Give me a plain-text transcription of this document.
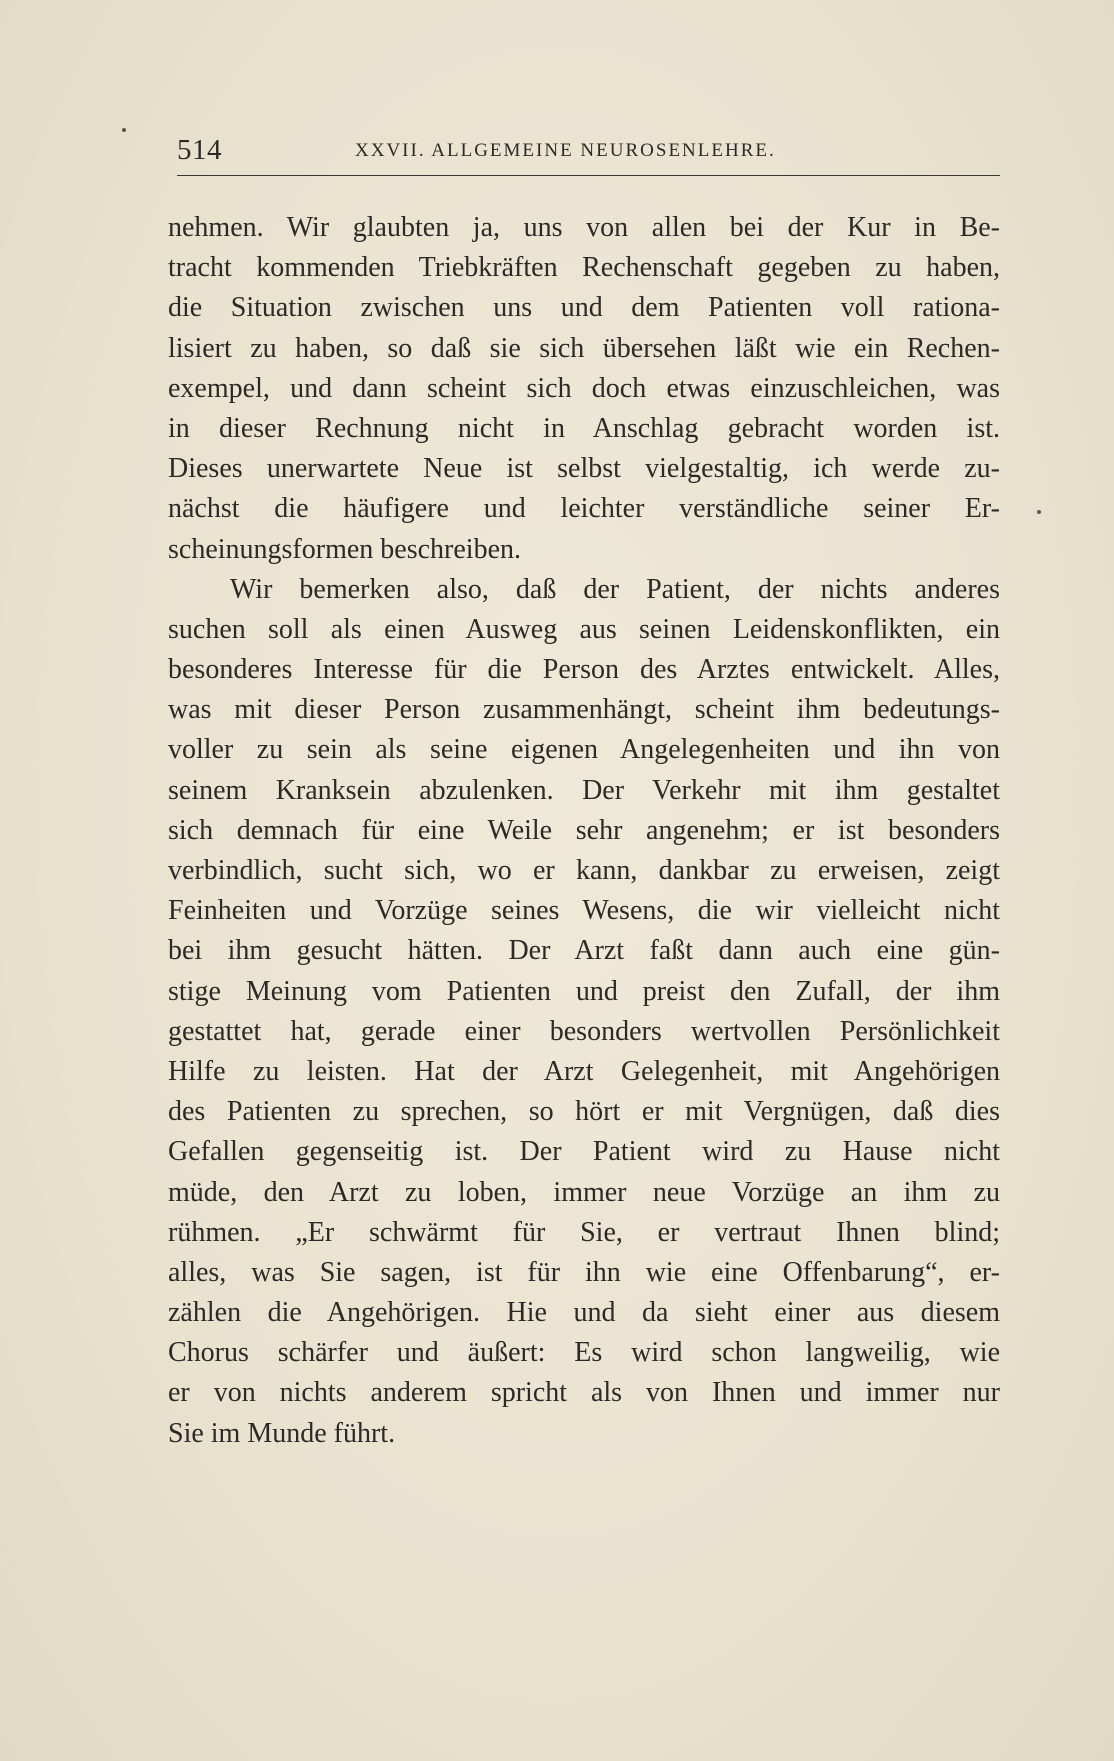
514	XXVII. ALLGEMEINE NEUROSENLEHRE.
nehmen. Wir glaubten ja, uns von allen bei der Kur in Be-
tracht kommenden Triebkräften Rechenschaft gegeben zu haben,
die Situation zwischen uns und dem Patienten voll rationa-
lisiert zu haben, so daß sie sich übersehen läßt wie ein Rechen-
exempel, und dann scheint sich doch etwas einzuschleichen, was
in dieser Rechnung nicht in Anschlag gebracht worden ist.
Dieses unerwartete Neue ist selbst vielgestaltig, ich werde zu-
nächst die häufigere und leichter verständliche seiner Er-
scheinungsformen beschreiben.
Wir bemerken also, daß der Patient, der nichts anderes
suchen soll als einen Ausweg aus seinen Leidenskonflikten, ein
besonderes Interesse für die Person des Arztes entwickelt. Alles,
was mit dieser Person zusammenhängt, scheint ihm bedeutungs-
voller zu sein als seine eigenen Angelegenheiten und ihn von
seinem Kranksein abzulenken. Der Verkehr mit ihm gestaltet
sich demnach für eine Weile sehr angenehm; er ist besonders
verbindlich, sucht sich, wo er kann, dankbar zu erweisen, zeigt
Feinheiten und Vorzüge seines Wesens, die wir vielleicht nicht
bei ihm gesucht hätten. Der Arzt faßt dann auch eine gün-
stige Meinung vom Patienten und preist den Zufall, der ihm
gestattet hat, gerade einer besonders wertvollen Persönlichkeit
Hilfe zu leisten. Hat der Arzt Gelegenheit, mit Angehörigen
des Patienten zu sprechen, so hört er mit Vergnügen, daß dies
Gefallen gegenseitig ist. Der Patient wird zu Hause nicht
müde, den Arzt zu loben, immer neue Vorzüge an ihm zu
rühmen. „Er schwärmt für Sie, er vertraut Ihnen blind;
alles, was Sie sagen, ist für ihn wie eine Offenbarung“, er-
zählen die Angehörigen. Hie und da sieht einer aus diesem
Chorus schärfer und äußert: Es wird schon langweilig, wie
er von nichts anderem spricht als von Ihnen und immer nur
Sie im Munde führt.
